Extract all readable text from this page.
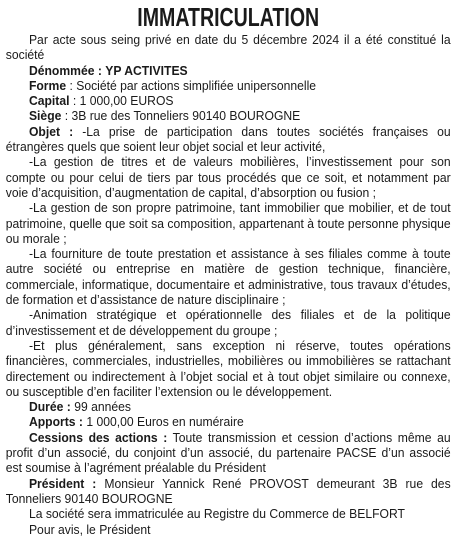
IMMATRICULATION

Par acte sous seing privé en date du 5 décembre 2024 il a été constitué la société

Dénommée : YP ACTIVITES

Forme : Société par actions simplifiée unipersonnelle

Capital : 1 000,00 EUROS

Siège : 3B rue des Tonneliers 90140 BOUROGNE

Objet : -La prise de participation dans toutes sociétés françaises ou étrangères quels que soient leur objet social et leur activité,

-La gestion de titres et de valeurs mobilières, l’investissement pour son compte ou pour celui de tiers par tous procédés que ce soit, et notamment par voie d’acquisition, d’augmentation de capital, d’absorption ou fusion ;

-La gestion de son propre patrimoine, tant immobilier que mobilier, et de tout patrimoine, quelle que soit sa composition, appartenant à toute personne physique ou morale ;

-La fourniture de toute prestation et assistance à ses filiales comme à toute autre société ou entreprise en matière de gestion technique, financière, commerciale, informatique, documentaire et administrative, tous travaux d’études, de formation et d’assistance de nature disciplinaire ;

-Animation stratégique et opérationnelle des filiales et de la politique d’investissement et de développement du groupe ;

-Et plus généralement, sans exception ni réserve, toutes opérations financières, commerciales, industrielles, mobilières ou immobilières se rattachant directement ou indirectement à l’objet social et à tout objet similaire ou connexe, ou susceptible d’en faciliter l’extension ou le développement.

Durée : 99 années

Apports : 1 000,00 Euros en numéraire

Cessions des actions : Toute transmission et cession d’actions même au profit d’un associé, du conjoint d’un associé, du partenaire PACSE d’un associé est soumise à l’agrément préalable du Président

Président : Monsieur Yannick René PROVOST demeurant 3B rue des Tonneliers 90140 BOUROGNE

La société sera immatriculée au Registre du Commerce de BELFORT

Pour avis, le Président
